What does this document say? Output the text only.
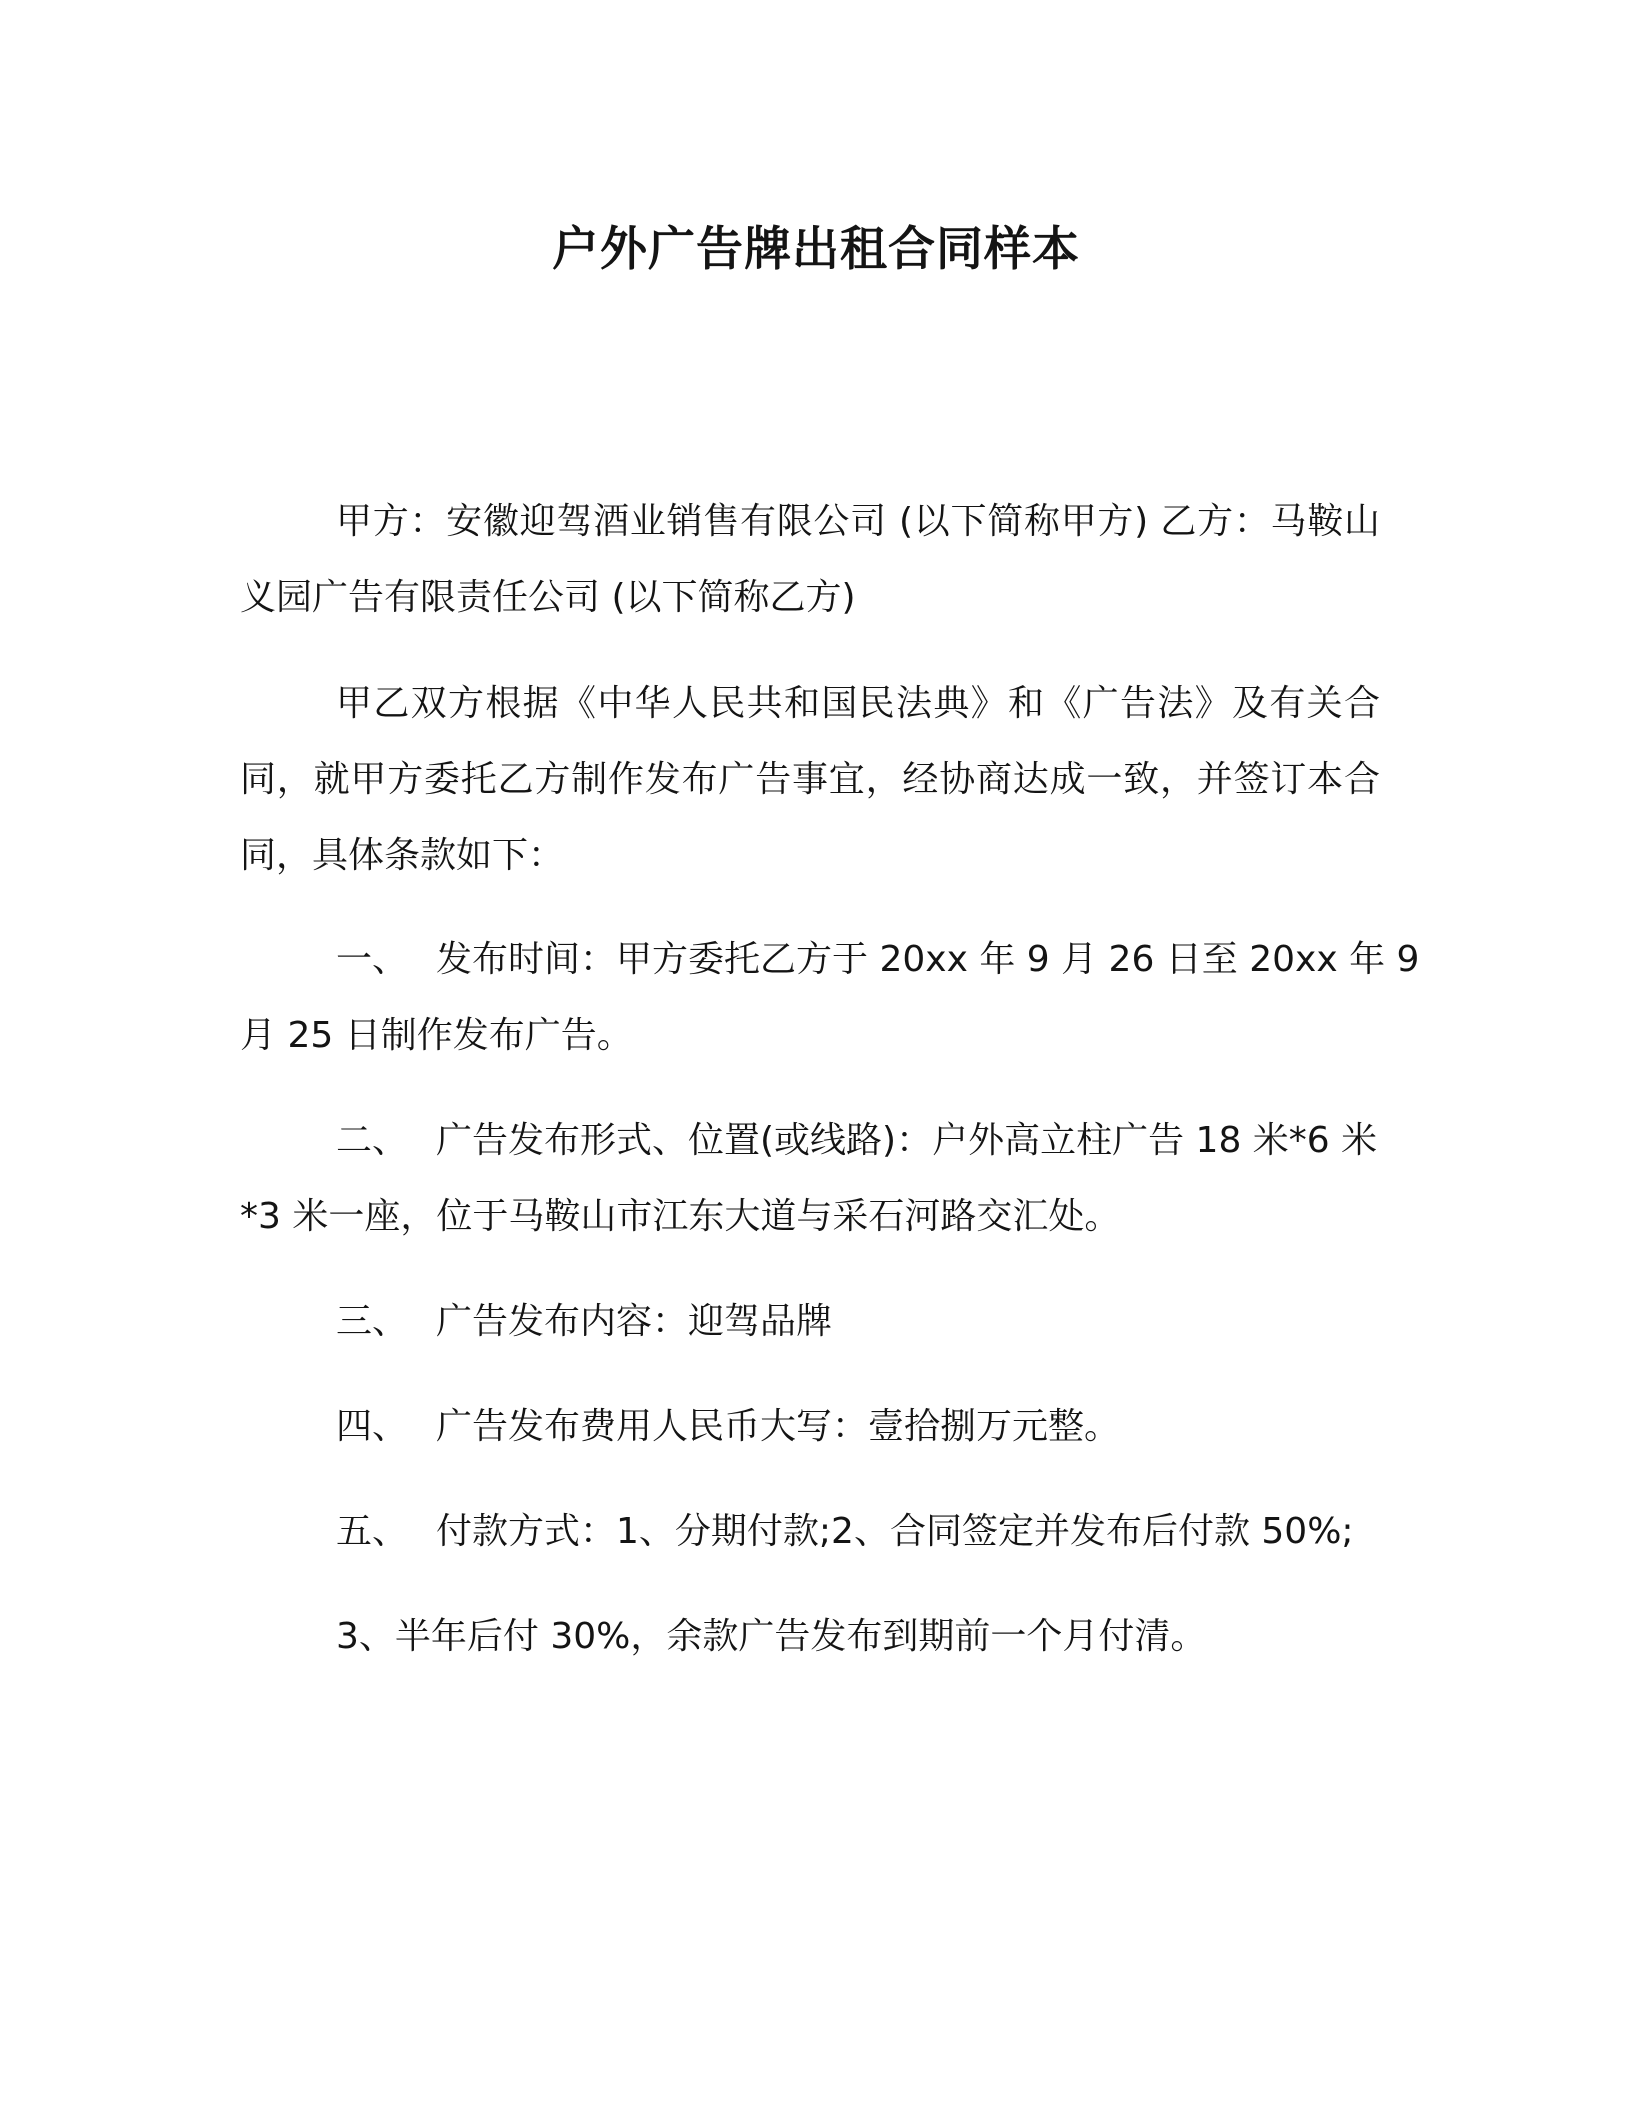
户外广告牌出租合同样本
甲方：安徽迎驾酒业销售有限公司 (以下简称甲方) 乙方：马鞍山义园广告有限责任公司 (以下简称乙方)
甲乙双方根据《中华人民共和国民法典》和《广告法》及有关合同，就甲方委托乙方制作发布广告事宜，经协商达成一致，并签订本合同，具体条款如下：
一、 发布时间：甲方委托乙方于 20xx 年 9 月 26 日至 20xx 年 9
月 25 日制作发布广告。
二、 广告发布形式、位置(或线路)：户外高立柱广告 18 米*6 米
*3 米一座，位于马鞍山市江东大道与采石河路交汇处。
三、 广告发布内容：迎驾品牌
四、 广告发布费用人民币大写：壹拾捌万元整。
五、 付款方式：1、分期付款;2、合同签定并发布后付款 50%;
3、半年后付 30%，余款广告发布到期前一个月付清。
